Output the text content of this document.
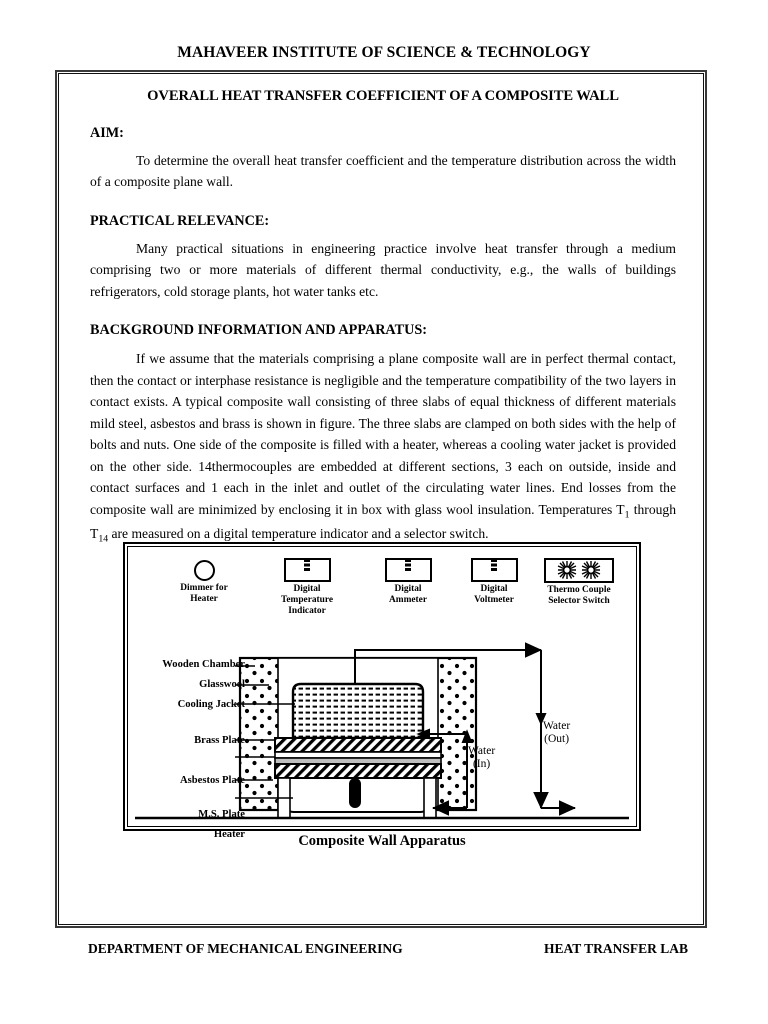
MAHAVEER INSTITUTE OF SCIENCE & TECHNOLOGY
OVERALL HEAT TRANSFER COEFFICIENT OF A COMPOSITE WALL
AIM:

To determine the overall heat transfer coefficient and the temperature distribution across the width of a composite plane wall.

PRACTICAL RELEVANCE:

Many practical situations in engineering practice involve heat transfer through a medium comprising two or more materials of different thermal conductivity, e.g., the walls of buildings refrigerators, cold storage plants, hot water tanks etc.

BACKGROUND INFORMATION AND APPARATUS:

If we assume that the materials comprising a plane composite wall are in perfect thermal contact, then the contact or interphase resistance is negligible and the temperature compatibility of the two layers in contact exists. A typical composite wall consisting of three slabs of equal thickness of different materials mild steel, asbestos and brass is shown in figure. The three slabs are clamped on both sides with the help of bolts and nuts. One side of the composite is filled with a heater, whereas a cooling water jacket is provided on the other side. 14thermocouples are embedded at different sections, 3 each on outside, inside and contact surfaces and 1 each in the inlet and outlet of the circulating water lines. End losses from the composite wall are minimized by enclosing it in box with glass wool insulation. Temperatures $T_1$ through $T_{14}$ are measured on a digital temperature indicator and a selector switch.

Dimmer for
Heater
Digital
Temperature
Indicator
Digital
Ammeter
Digital
Voltmeter

Thermo Couple
Selector Switch
Wooden Chamber
Glasswool
Cooling Jacket
Brass Plate
Asbestos Plate
M.S. Plate
Heater
Water
(In)
Water
(Out)
Composite Wall Apparatus
DEPARTMENT OF MECHANICAL ENGINEERING	HEAT TRANSFER LAB
